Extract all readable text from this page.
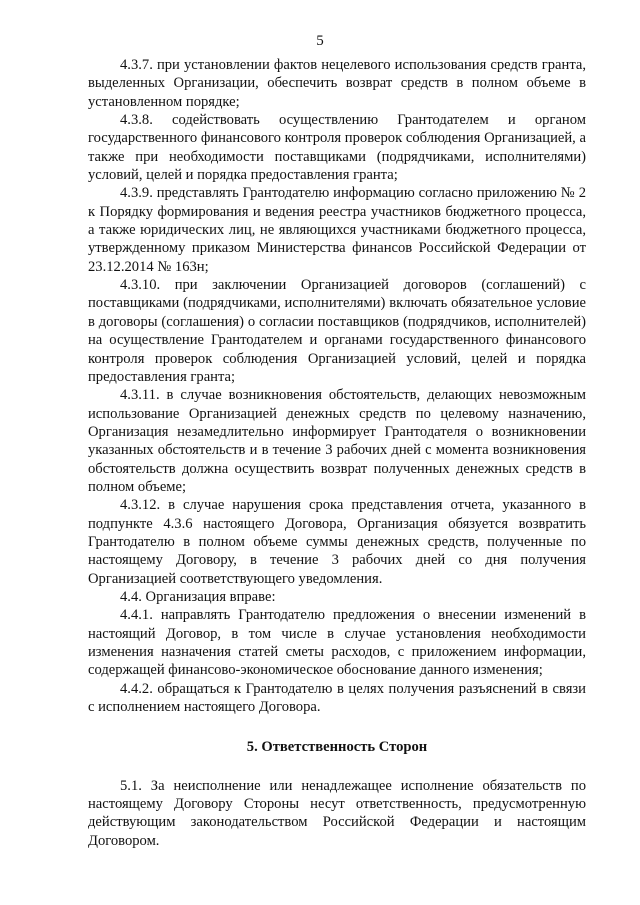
5

4.3.7. при установлении фактов нецелевого использования средств гранта, выделенных Организации, обеспечить возврат средств в полном объеме в установленном порядке;

4.3.8. содействовать осуществлению Грантодателем и органом государственного финансового контроля проверок соблюдения Организацией, а также при необходимости поставщиками (подрядчиками, исполнителями) условий, целей и порядка предоставления гранта;

4.3.9. представлять Грантодателю информацию согласно приложению № 2 к Порядку формирования и ведения реестра участников бюджетного процесса, а также юридических лиц, не являющихся участниками бюджетного процесса, утвержденному приказом Министерства финансов Российской Федерации от 23.12.2014 № 163н;

4.3.10. при заключении Организацией договоров (соглашений) с поставщиками (подрядчиками, исполнителями) включать обязательное условие в договоры (соглашения) о согласии поставщиков (подрядчиков, исполнителей) на осуществление Грантодателем и органами государственного финансового контроля проверок соблюдения Организацией условий, целей и порядка предоставления гранта;

4.3.11. в случае возникновения обстоятельств, делающих невозможным использование Организацией денежных средств по целевому назначению, Организация незамедлительно информирует Грантодателя о возникновении указанных обстоятельств и в течение 3 рабочих дней с момента возникновения обстоятельств должна осуществить возврат полученных денежных средств в полном объеме;

4.3.12. в случае нарушения срока представления отчета, указанного в подпункте 4.3.6 настоящего Договора, Организация обязуется возвратить Грантодателю в полном объеме суммы денежных средств, полученные по настоящему Договору, в течение 3 рабочих дней со дня получения Организацией соответствующего уведомления.

4.4. Организация вправе:

4.4.1. направлять Грантодателю предложения о внесении изменений в настоящий Договор, в том числе в случае установления необходимости изменения назначения статей сметы расходов, с приложением информации, содержащей финансово-экономическое обоснование данного изменения;

4.4.2. обращаться к Грантодателю в целях получения разъяснений в связи с исполнением настоящего Договора.

5. Ответственность Сторон

5.1. За неисполнение или ненадлежащее исполнение обязательств по настоящему Договору Стороны несут ответственность, предусмотренную действующим законодательством Российской Федерации и настоящим Договором.
